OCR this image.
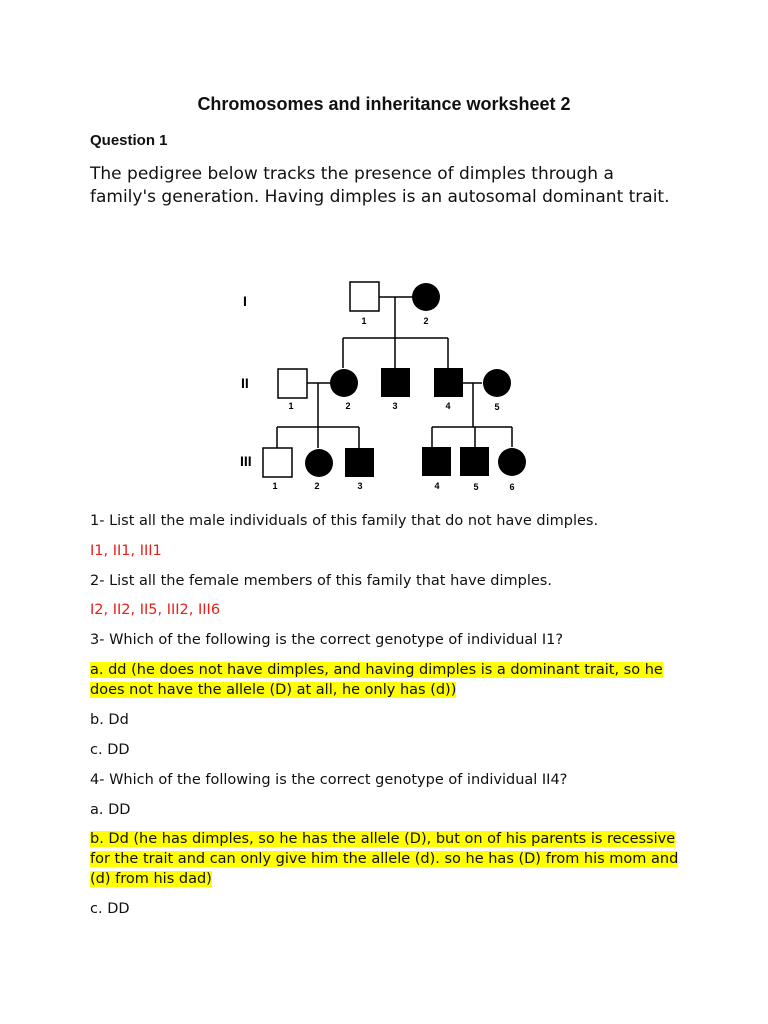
Chromosomes and inheritance worksheet 2
Question 1
The pedigree below tracks the presence of dimples through a family's generation. Having dimples is an autosomal dominant trait.
I
II
III
1	2
1	2	3	4	5
1	2	3	4	5	6
1- List all the male individuals of this family that do not have dimples.
I1, II1, III1
2- List all the female members of this family that have dimples.
I2, II2, II5, III2, III6
3- Which of the following is the correct genotype of individual I1?
a. dd (he does not have dimples, and having dimples is a dominant trait, so he does not have the allele (D) at all, he only has (d))
b. Dd
c. DD
4- Which of the following is the correct genotype of individual II4?
a. DD
b. Dd (he has dimples, so he has the allele (D), but on of his parents is recessive for the trait and can only give him the allele (d). so he has (D) from his mom and (d) from his dad)
c. DD
